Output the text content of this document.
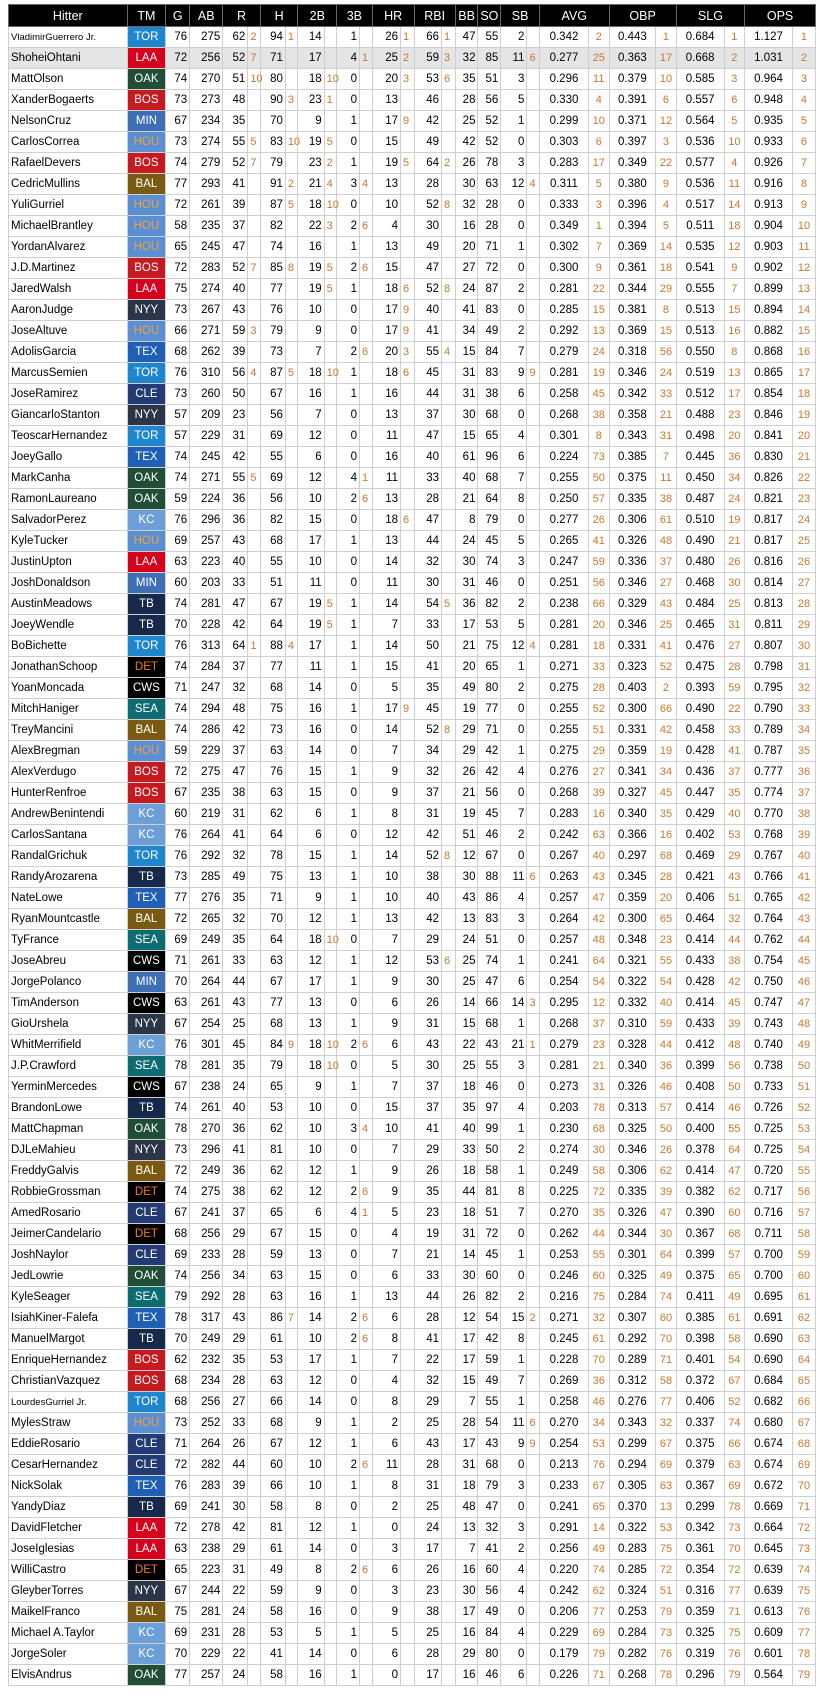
Hitter	TM	G	AB	R		H		2B		3B		HR		RBI		BB	SO	SB		AVG		OBP		SLG		OPS	
VladimirGuerrero Jr.	TOR	76	275	62	2	94	1	14		1		26	1	66	1	47	55	2		0.342	2	0.443	1	0.684	1	1.127	1
ShoheiOhtani	LAA	72	256	52	7	71		17		4	1	25	2	59	3	32	85	11	6	0.277	25	0.363	17	0.668	2	1.031	2
MattOlson	OAK	74	270	51	10	80		18	10	0		20	3	53	6	35	51	3		0.296	11	0.379	10	0.585	3	0.964	3
XanderBogaerts	BOS	73	273	48		90	3	23	1	0		13		46		28	56	5		0.330	4	0.391	6	0.557	6	0.948	4
NelsonCruz	MIN	67	234	35		70		9		1		17	9	42		25	52	1		0.299	10	0.371	12	0.564	5	0.935	5
CarlosCorrea	HOU	73	274	55	5	83	10	19	5	0		15		49		42	52	0		0.303	6	0.397	3	0.536	10	0.933	6
RafaelDevers	BOS	74	279	52	7	79		23	2	1		19	5	64	2	26	78	3		0.283	17	0.349	22	0.577	4	0.926	7
CedricMullins	BAL	77	293	41		91	2	21	4	3	4	13		28		30	63	12	4	0.311	5	0.380	9	0.536	11	0.916	8
YuliGurriel	HOU	72	261	39		87	5	18	10	0		10		52	8	32	28	0		0.333	3	0.396	4	0.517	14	0.913	9
MichaelBrantley	HOU	58	235	37		82		22	3	2	6	4		30		16	28	0		0.349	1	0.394	5	0.511	18	0.904	10
YordanAlvarez	HOU	65	245	47		74		16		1		13		49		20	71	1		0.302	7	0.369	14	0.535	12	0.903	11
J.D.Martinez	BOS	72	283	52	7	85	8	19	5	2	6	15		47		27	72	0		0.300	9	0.361	18	0.541	9	0.902	12
JaredWalsh	LAA	75	274	40		77		19	5	1		18	6	52	8	24	87	2		0.281	22	0.344	29	0.555	7	0.899	13
AaronJudge	NYY	73	267	43		76		10		0		17	9	40		41	83	0		0.285	15	0.381	8	0.513	15	0.894	14
JoseAltuve	HOU	66	271	59	3	79		9		0		17	9	41		34	49	2		0.292	13	0.369	15	0.513	16	0.882	15
AdolisGarcia	TEX	68	262	39		73		7		2	6	20	3	55	4	15	84	7		0.279	24	0.318	56	0.550	8	0.868	16
MarcusSemien	TOR	76	310	56	4	87	5	18	10	1		18	6	45		31	83	9	9	0.281	19	0.346	24	0.519	13	0.865	17
JoseRamirez	CLE	73	260	50		67		16		1		16		44		31	38	6		0.258	45	0.342	33	0.512	17	0.854	18
GiancarloStanton	NYY	57	209	23		56		7		0		13		37		30	68	0		0.268	38	0.358	21	0.488	23	0.846	19
TeoscarHernandez	TOR	57	229	31		69		12		0		11		47		15	65	4		0.301	8	0.343	31	0.498	20	0.841	20
JoeyGallo	TEX	74	245	42		55		6		0		16		40		61	96	6		0.224	73	0.385	7	0.445	36	0.830	21
MarkCanha	OAK	74	271	55	5	69		12		4	1	11		33		40	68	7		0.255	50	0.375	11	0.450	34	0.826	22
RamonLaureano	OAK	59	224	36		56		10		2	6	13		28		21	64	8		0.250	57	0.335	38	0.487	24	0.821	23
SalvadorPerez	KC	76	296	36		82		15		0		18	6	47		8	79	0		0.277	26	0.306	61	0.510	19	0.817	24
KyleTucker	HOU	69	257	43		68		17		1		13		44		24	45	5		0.265	41	0.326	48	0.490	21	0.817	25
JustinUpton	LAA	63	223	40		55		10		0		14		32		30	74	3		0.247	59	0.336	37	0.480	26	0.816	26
JoshDonaldson	MIN	60	203	33		51		11		0		11		30		31	46	0		0.251	56	0.346	27	0.468	30	0.814	27
AustinMeadows	TB	74	281	47		67		19	5	1		14		54	5	36	82	2		0.238	66	0.329	43	0.484	25	0.813	28
JoeyWendle	TB	70	228	42		64		19	5	1		7		33		17	53	5		0.281	20	0.346	25	0.465	31	0.811	29
BoBichette	TOR	76	313	64	1	88	4	17		1		14		50		21	75	12	4	0.281	18	0.331	41	0.476	27	0.807	30
JonathanSchoop	DET	74	284	37		77		11		1		15		41		20	65	1		0.271	33	0.323	52	0.475	28	0.798	31
YoanMoncada	CWS	71	247	32		68		14		0		5		35		49	80	2		0.275	28	0.403	2	0.393	59	0.795	32
MitchHaniger	SEA	74	294	48		75		16		1		17	9	45		19	77	0		0.255	52	0.300	66	0.490	22	0.790	33
TreyMancini	BAL	74	286	42		73		16		0		14		52	8	29	71	0		0.255	51	0.331	42	0.458	33	0.789	34
AlexBregman	HOU	59	229	37		63		14		0		7		34		29	42	1		0.275	29	0.359	19	0.428	41	0.787	35
AlexVerdugo	BOS	72	275	47		76		15		1		9		32		26	42	4		0.276	27	0.341	34	0.436	37	0.777	36
HunterRenfroe	BOS	67	235	38		63		15		0		9		37		21	56	0		0.268	39	0.327	45	0.447	35	0.774	37
AndrewBenintendi	KC	60	219	31		62		6		1		8		31		19	45	7		0.283	16	0.340	35	0.429	40	0.770	38
CarlosSantana	KC	76	264	41		64		6		0		12		42		51	46	2		0.242	63	0.366	16	0.402	53	0.768	39
RandalGrichuk	TOR	76	292	32		78		15		1		14		52	8	12	67	0		0.267	40	0.297	68	0.469	29	0.767	40
RandyArozarena	TB	73	285	49		75		13		1		10		38		30	88	11	6	0.263	43	0.345	28	0.421	43	0.766	41
NateLowe	TEX	77	276	35		71		9		1		10		40		43	86	4		0.257	47	0.359	20	0.406	51	0.765	42
RyanMountcastle	BAL	72	265	32		70		12		1		13		42		13	83	3		0.264	42	0.300	65	0.464	32	0.764	43
TyFrance	SEA	69	249	35		64		18	10	0		7		29		24	51	0		0.257	48	0.348	23	0.414	44	0.762	44
JoseAbreu	CWS	71	261	33		63		12		1		12		53	6	25	74	1		0.241	64	0.321	55	0.433	38	0.754	45
JorgePolanco	MIN	70	264	44		67		17		1		9		30		25	47	6		0.254	54	0.322	54	0.428	42	0.750	46
TimAnderson	CWS	63	261	43		77		13		0		6		26		14	66	14	3	0.295	12	0.332	40	0.414	45	0.747	47
GioUrshela	NYY	67	254	25		68		13		1		9		31		15	68	1		0.268	37	0.310	59	0.433	39	0.743	48
WhitMerrifield	KC	76	301	45		84	9	18	10	2	6	6		43		22	43	21	1	0.279	23	0.328	44	0.412	48	0.740	49
J.P.Crawford	SEA	78	281	35		79		18	10	0		5		30		25	55	3		0.281	21	0.340	36	0.399	56	0.738	50
YerminMercedes	CWS	67	238	24		65		9		1		7		37		18	46	0		0.273	31	0.326	46	0.408	50	0.733	51
BrandonLowe	TB	74	261	40		53		10		0		15		37		35	97	4		0.203	78	0.313	57	0.414	46	0.726	52
MattChapman	OAK	78	270	36		62		10		3	4	10		41		40	99	1		0.230	68	0.325	50	0.400	55	0.725	53
DJLeMahieu	NYY	73	296	41		81		10		0		7		29		33	50	2		0.274	30	0.346	26	0.378	64	0.725	54
FreddyGalvis	BAL	72	249	36		62		12		1		9		26		18	58	1		0.249	58	0.306	62	0.414	47	0.720	55
RobbieGrossman	DET	74	275	38		62		12		2	6	9		35		44	81	8		0.225	72	0.335	39	0.382	62	0.717	56
AmedRosario	CLE	67	241	37		65		6		4	1	5		23		18	51	7		0.270	35	0.326	47	0.390	60	0.716	57
JeimerCandelario	DET	68	256	29		67		15		0		4		19		31	72	0		0.262	44	0.344	30	0.367	68	0.711	58
JoshNaylor	CLE	69	233	28		59		13		0		7		21		14	45	1		0.253	55	0.301	64	0.399	57	0.700	59
JedLowrie	OAK	74	256	34		63		15		0		6		33		30	60	0		0.246	60	0.325	49	0.375	65	0.700	60
KyleSeager	SEA	79	292	28		63		16		1		13		44		26	82	2		0.216	75	0.284	74	0.411	49	0.695	61
IsiahKiner-Falefa	TEX	78	317	43		86	7	14		2	6	6		28		12	54	15	2	0.271	32	0.307	60	0.385	61	0.691	62
ManuelMargot	TB	70	249	29		61		10		2	6	8		41		17	42	8		0.245	61	0.292	70	0.398	58	0.690	63
EnriqueHernandez	BOS	62	232	35		53		17		1		7		22		17	59	1		0.228	70	0.289	71	0.401	54	0.690	64
ChristianVazquez	BOS	68	234	28		63		12		0		4		32		15	49	7		0.269	36	0.312	58	0.372	67	0.684	65
LourdesGurriel Jr.	TOR	68	256	27		66		14		0		8		29		7	55	1		0.258	46	0.276	77	0.406	52	0.682	66
MylesStraw	HOU	73	252	33		68		9		1		2		25		28	54	11	6	0.270	34	0.343	32	0.337	74	0.680	67
EddieRosario	CLE	71	264	26		67		12		1		6		43		17	43	9	9	0.254	53	0.299	67	0.375	66	0.674	68
CesarHernandez	CLE	72	282	44		60		10		2	6	11		28		31	68	0		0.213	76	0.294	69	0.379	63	0.674	69
NickSolak	TEX	76	283	39		66		10		1		8		31		18	79	3		0.233	67	0.305	63	0.367	69	0.672	70
YandyDiaz	TB	69	241	30		58		8		0		2		25		48	47	0		0.241	65	0.370	13	0.299	78	0.669	71
DavidFletcher	LAA	72	278	42		81		12		1		0		24		13	32	3		0.291	14	0.322	53	0.342	73	0.664	72
JoseIglesias	LAA	63	238	29		61		14		0		3		17		7	41	2		0.256	49	0.283	75	0.361	70	0.645	73
WilliCastro	DET	65	223	31		49		8		2	6	6		26		16	60	4		0.220	74	0.285	72	0.354	72	0.639	74
GleyberTorres	NYY	67	244	22		59		9		0		3		23		30	56	4		0.242	62	0.324	51	0.316	77	0.639	75
MaikelFranco	BAL	75	281	24		58		16		0		9		38		17	49	0		0.206	77	0.253	79	0.359	71	0.613	76
Michael A.Taylor	KC	69	231	28		53		5		1		5		25		16	84	4		0.229	69	0.284	73	0.325	75	0.609	77
JorgeSoler	KC	70	229	22		41		14		0		6		28		29	80	0		0.179	79	0.282	76	0.319	76	0.601	78
ElvisAndrus	OAK	77	257	24		58		16		1		0		17		16	46	6		0.226	71	0.268	78	0.296	79	0.564	79
